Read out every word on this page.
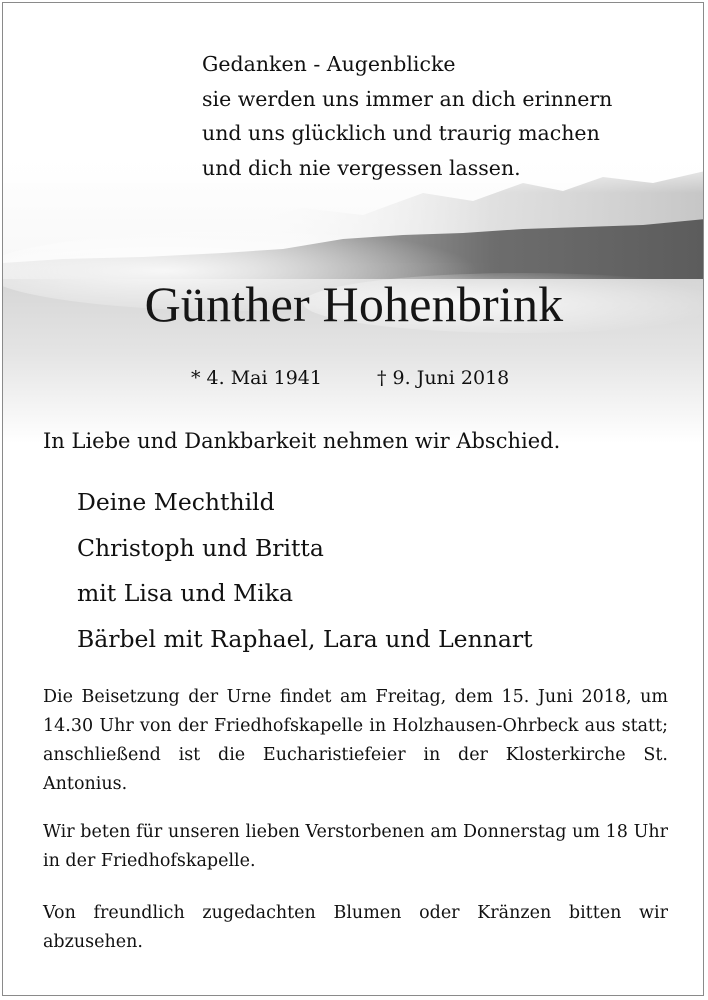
Gedanken - Augenblicke
sie werden uns immer an dich erinnern
und uns glücklich und traurig machen
und dich nie vergessen lassen.
Günther Hohenbrink
* 4. Mai 1941	† 9. Juni 2018
In Liebe und Dankbarkeit nehmen wir Abschied.
Deine Mechthild
Christoph und Britta
mit Lisa und Mika
Bärbel mit Raphael, Lara und Lennart
Die Beisetzung der Urne findet am Freitag, dem 15. Juni 2018, um 14.30 Uhr von der Friedhofskapelle in Holzhausen-Ohrbeck aus statt; anschließend ist die Eucharistiefeier in der Klosterkirche St. Antonius.
Wir beten für unseren lieben Verstorbenen am Donnerstag um 18 Uhr in der Friedhofskapelle.
Von freundlich zugedachten Blumen oder Kränzen bitten wir abzusehen.
